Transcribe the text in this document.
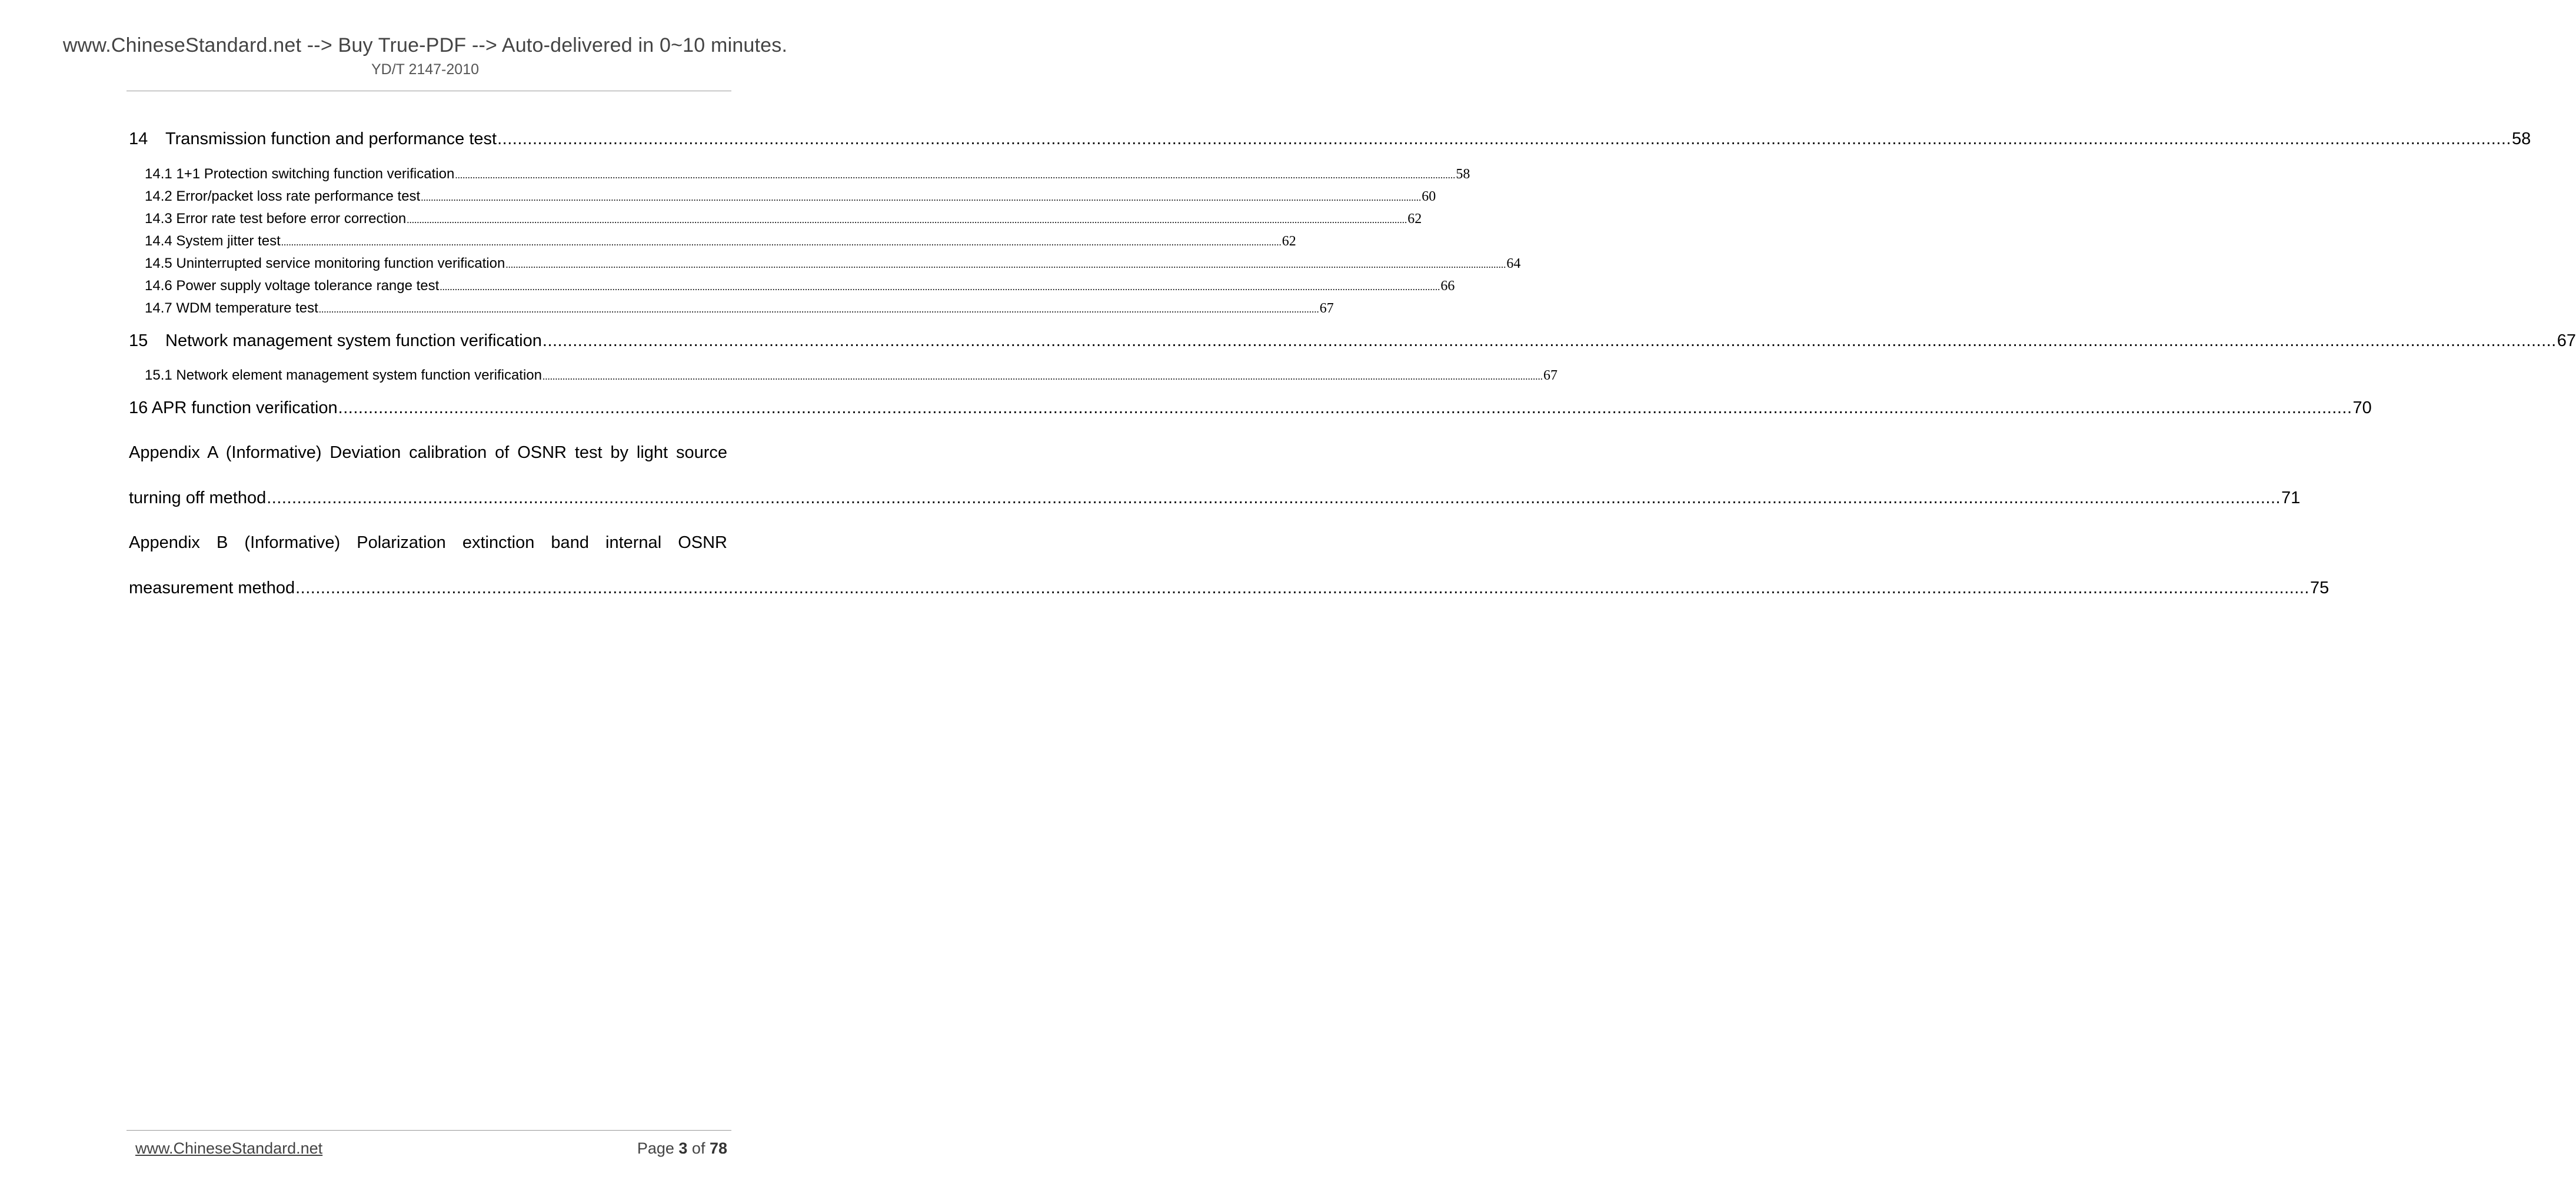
www.ChineseStandard.net --> Buy True-PDF --> Auto-delivered in 0~10 minutes.
YD/T 2147-2010
14 Transmission function and performance test ................................................................................................................................................................................................................................................................................................................................................................................................................ 58
14.1 1+1 Protection switching function verification ................................................................................................................................................................................................................................................................................................................................................................................................................ 58
14.2 Error/packet loss rate performance test ................................................................................................................................................................................................................................................................................................................................................................................................................ 60
14.3 Error rate test before error correction ................................................................................................................................................................................................................................................................................................................................................................................................................ 62
14.4 System jitter test ................................................................................................................................................................................................................................................................................................................................................................................................................ 62
14.5 Uninterrupted service monitoring function verification ................................................................................................................................................................................................................................................................................................................................................................................................................ 64
14.6 Power supply voltage tolerance range test ................................................................................................................................................................................................................................................................................................................................................................................................................ 66
14.7 WDM temperature test ................................................................................................................................................................................................................................................................................................................................................................................................................ 67
15 Network management system function verification ................................................................................................................................................................................................................................................................................................................................................................................................................ 67
15.1 Network element management system function verification ................................................................................................................................................................................................................................................................................................................................................................................................................ 67
16 APR function verification ................................................................................................................................................................................................................................................................................................................................................................................................................ 70
Appendix A (Informative) Deviation calibration of OSNR test by light source
turning off method ................................................................................................................................................................................................................................................................................................................................................................................................................ 71
Appendix B (Informative) Polarization extinction band internal OSNR
measurement method ................................................................................................................................................................................................................................................................................................................................................................................................................ 75
www.ChineseStandard.net	Page 3 of 78
